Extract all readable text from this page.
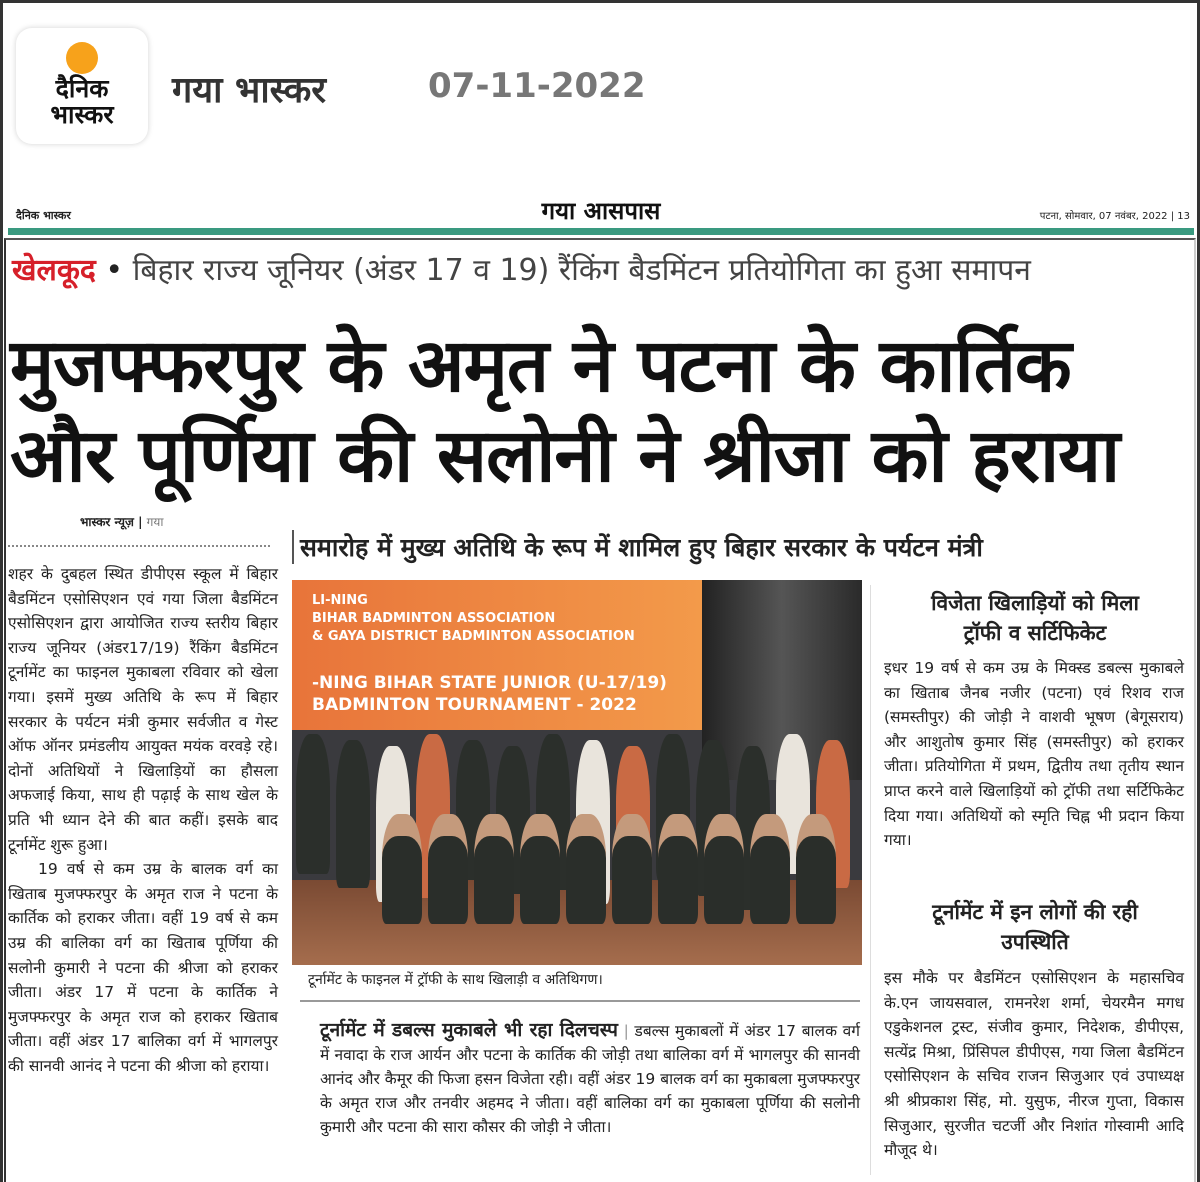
दैनिक
भास्कर
गया भास्कर	07-11-2022
दैनिक भास्कर	गया आसपास	पटना, सोमवार, 07 नवंबर, 2022 | 13
खेलकूद • बिहार राज्य जूनियर (अंडर 17 व 19) रैंकिंग बैडमिंटन प्रतियोगिता का हुआ समापन
मुजफ्फरपुर के अमृत ने पटना के कार्तिक
और पूर्णिया की सलोनी ने श्रीजा को हराया
भास्कर न्यूज़ | गया

शहर के दुबहल स्थित डीपीएस स्कूल में बिहार बैडमिंटन एसोसिएशन एवं गया जिला बैडमिंटन एसोसिएशन द्वारा आयोजित राज्य स्तरीय बिहार राज्य जूनियर (अंडर17/19) रैंकिंग बैडमिंटन टूर्नामेंट का फाइनल मुकाबला रविवार को खेला गया। इसमें मुख्य अतिथि के रूप में बिहार सरकार के पर्यटन मंत्री कुमार सर्वजीत व गेस्ट ऑफ ऑनर प्रमंडलीय आयुक्त मयंक वरवड़े रहे। दोनों अतिथियों ने खिलाड़ियों का हौसला अफजाई किया, साथ ही पढ़ाई के साथ खेल के प्रति भी ध्यान देने की बात कहीं। इसके बाद टूर्नामेंट शुरू हुआ।

19 वर्ष से कम उम्र के बालक वर्ग का खिताब मुजफ्फरपुर के अमृत राज ने पटना के कार्तिक को हराकर जीता। वहीं 19 वर्ष से कम उम्र की बालिका वर्ग का खिताब पूर्णिया की सलोनी कुमारी ने पटना की श्रीजा को हराकर जीता। अंडर 17 में पटना के कार्तिक ने मुजफ्फरपुर के अमृत राज को हराकर खिताब जीता। वहीं अंडर 17 बालिका वर्ग में भागलपुर की सानवी आनंद ने पटना की श्रीजा को हराया।

समारोह में मुख्य अतिथि के रूप में शामिल हुए बिहार सरकार के पर्यटन मंत्री
LI-NING
BIHAR BADMINTON ASSOCIATION
& GAYA DISTRICT BADMINTON ASSOCIATION
-NING BIHAR STATE JUNIOR (U-17/19)
BADMINTON TOURNAMENT - 2022
टूर्नामेंट के फाइनल में ट्रॉफी के साथ खिलाड़ी व अतिथिगण।
टूर्नामेंट में डबल्स मुकाबले भी रहा दिलचस्प | डबल्स मुकाबलों में अंडर 17 बालक वर्ग में नवादा के राज आर्यन और पटना के कार्तिक की जोड़ी तथा बालिका वर्ग में भागलपुर की सानवी आनंद और कैमूर की फिजा हसन विजेता रही। वहीं अंडर 19 बालक वर्ग का मुकाबला मुजफ्फरपुर के अमृत राज और तनवीर अहमद ने जीता। वहीं बालिका वर्ग का मुकाबला पूर्णिया की सलोनी कुमारी और पटना की सारा कौसर की जोड़ी ने जीता।
विजेता खिलाड़ियों को मिला ट्रॉफी व सर्टिफिकेट
इधर 19 वर्ष से कम उम्र के मिक्स्ड डबल्स मुकाबले का खिताब जैनब नजीर (पटना) एवं रिशव राज (समस्तीपुर) की जोड़ी ने वाशवी भूषण (बेगूसराय) और आशुतोष कुमार सिंह (समस्तीपुर) को हराकर जीता। प्रतियोगिता में प्रथम, द्वितीय तथा तृतीय स्थान प्राप्त करने वाले खिलाड़ियों को ट्रॉफी तथा सर्टिफिकेट दिया गया। अतिथियों को स्मृति चिह्न भी प्रदान किया गया।
टूर्नामेंट में इन लोगों की रही उपस्थिति
इस मौके पर बैडमिंटन एसोसिएशन के महासचिव के.एन जायसवाल, रामनरेश शर्मा, चेयरमैन मगध एडुकेशनल ट्रस्ट, संजीव कुमार, निदेशक, डीपीएस, सत्येंद्र मिश्रा, प्रिंसिपल डीपीएस, गया जिला बैडमिंटन एसोसिएशन के सचिव राजन सिजुआर एवं उपाध्यक्ष श्री श्रीप्रकाश सिंह, मो. युसुफ, नीरज गुप्ता, विकास सिजुआर, सुरजीत चटर्जी और निशांत गोस्वामी आदि मौजूद थे।
